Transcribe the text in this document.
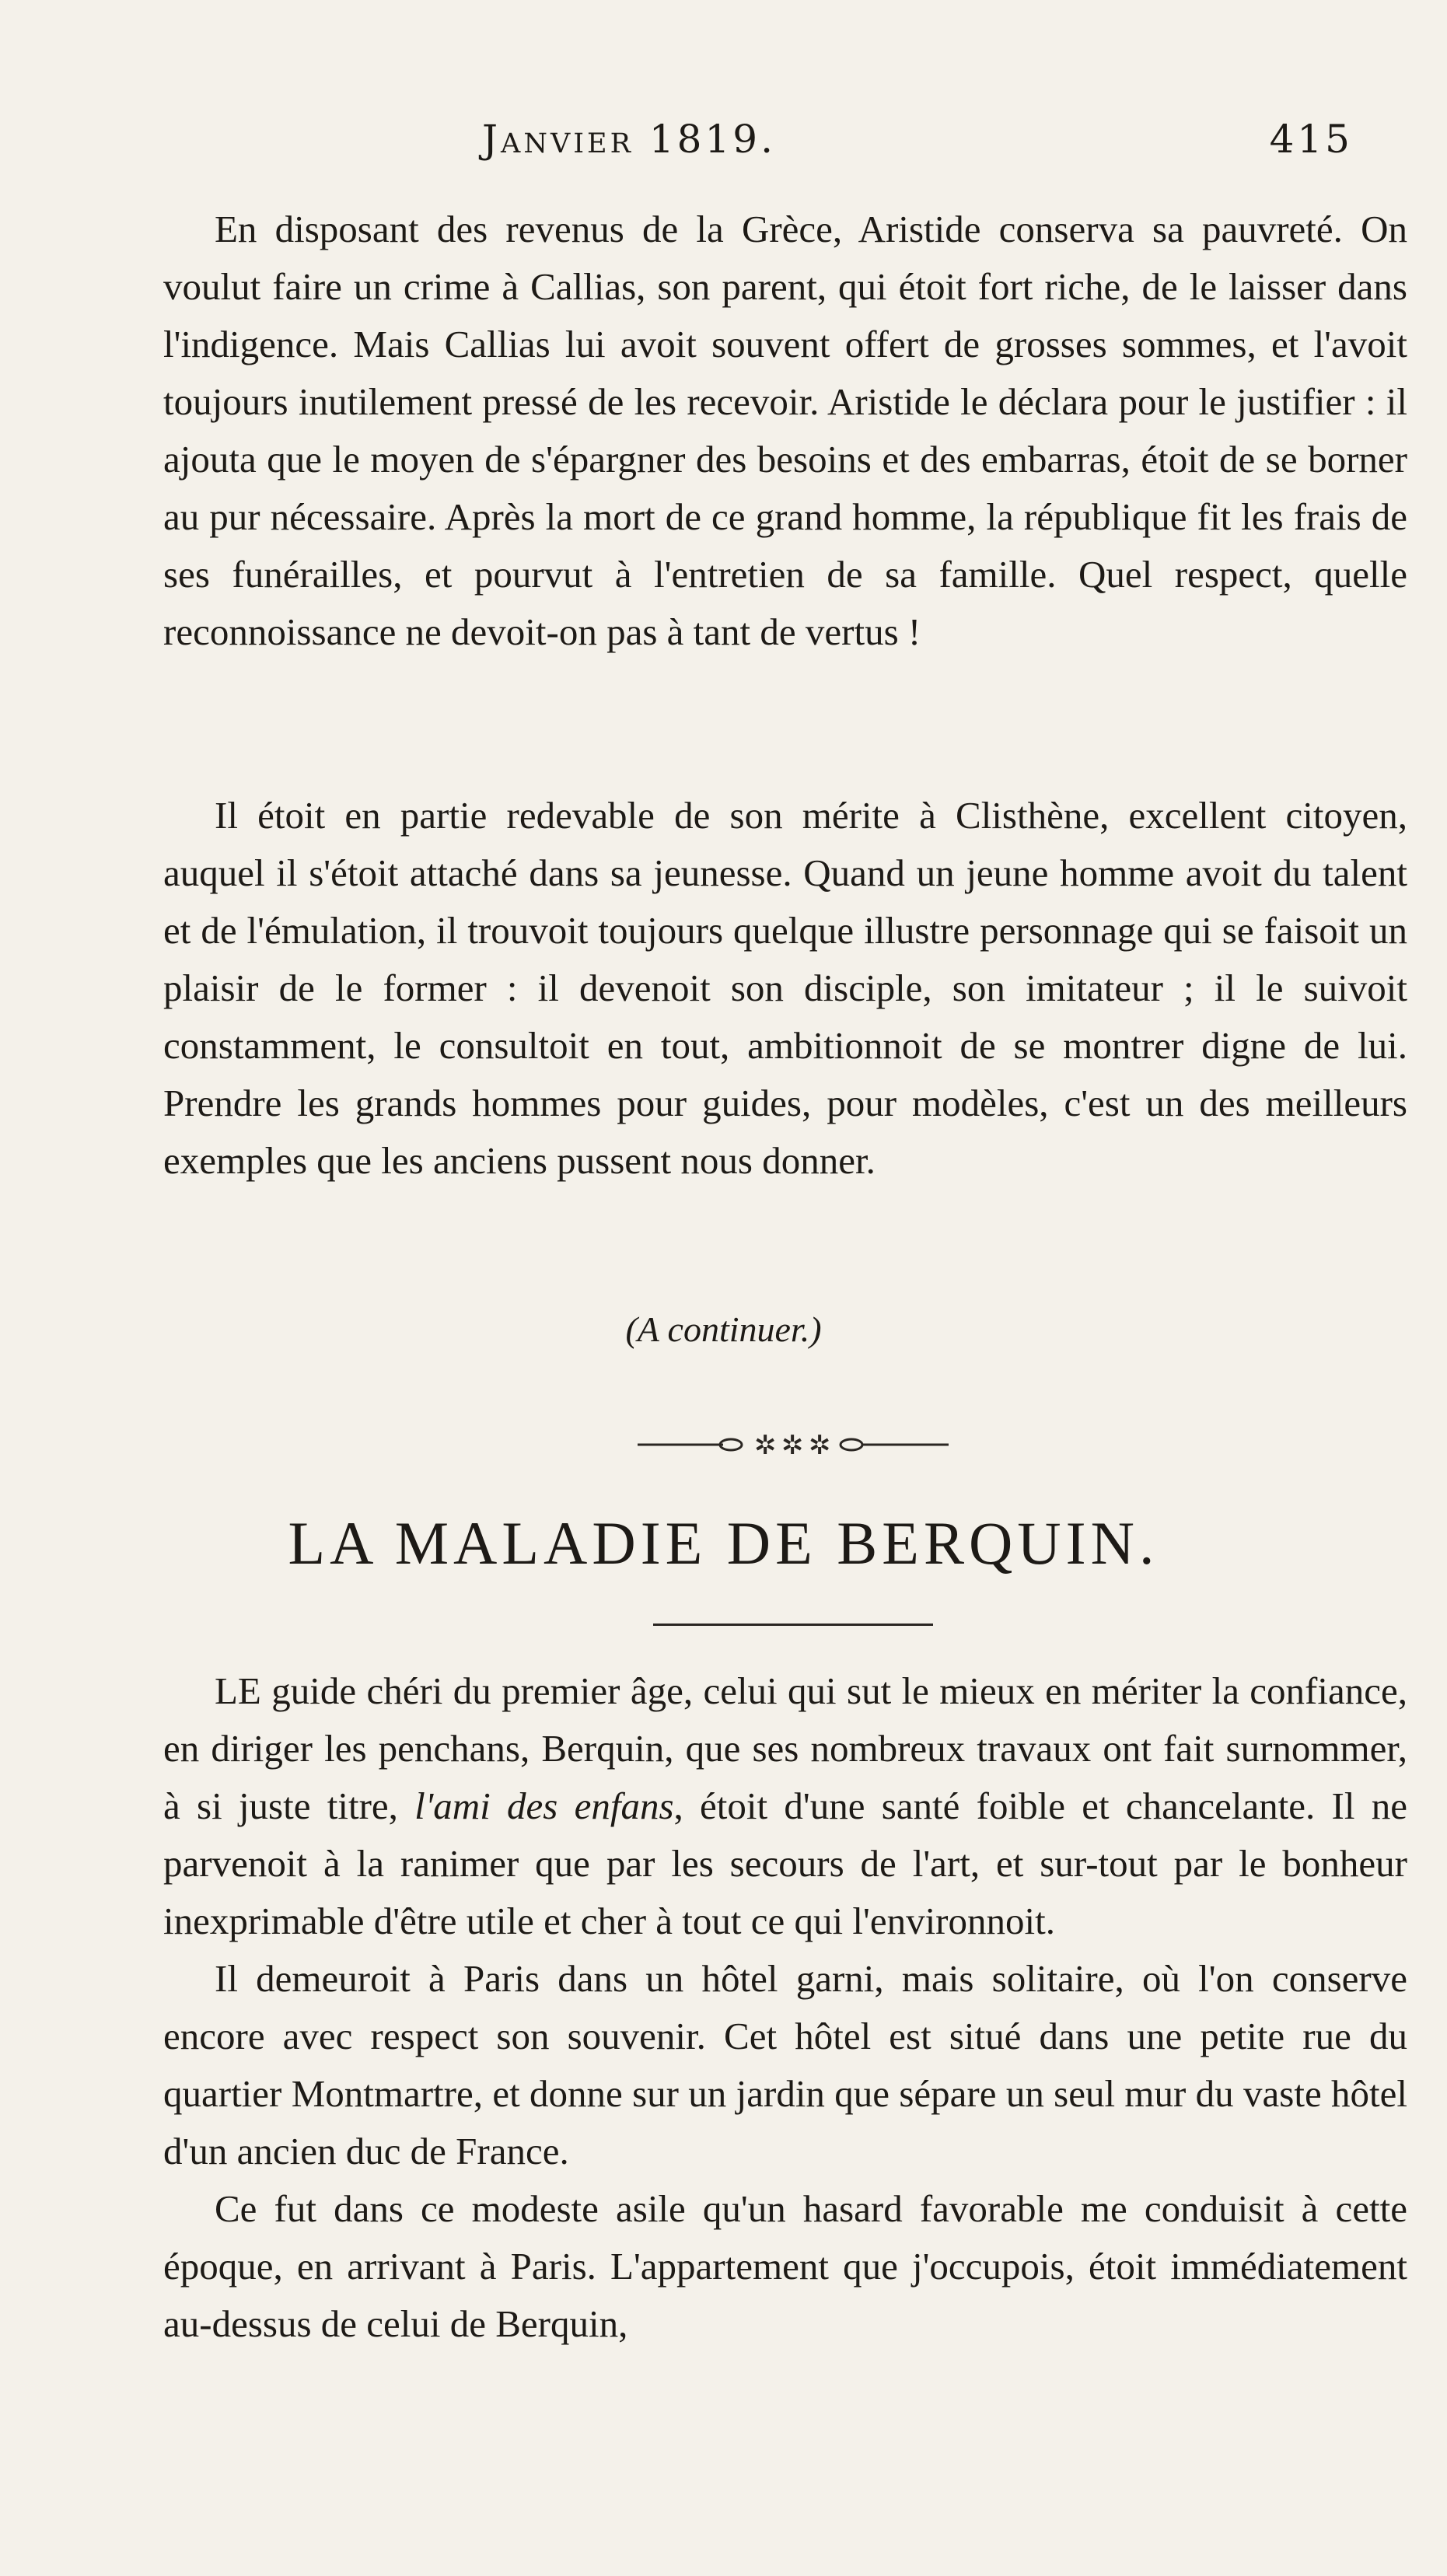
Janvier 1819.	415

En disposant des revenus de la Grèce, Aristide conserva sa pauvreté. On voulut faire un crime à Callias, son parent, qui étoit fort riche, de le laisser dans l'indigence. Mais Callias lui avoit souvent offert de grosses sommes, et l'avoit toujours inutilement pressé de les recevoir. Aristide le déclara pour le justifier : il ajouta que le moyen de s'épargner des besoins et des embarras, étoit de se borner au pur nécessaire. Après la mort de ce grand homme, la république fit les frais de ses funérailles, et pourvut à l'entretien de sa famille. Quel respect, quelle reconnoissance ne devoit-on pas à tant de vertus !

Il étoit en partie redevable de son mérite à Clisthène, excellent citoyen, auquel il s'étoit attaché dans sa jeunesse. Quand un jeune homme avoit du talent et de l'émulation, il trouvoit toujours quelque illustre personnage qui se faisoit un plaisir de le former : il devenoit son disciple, son imitateur ; il le suivoit constamment, le consultoit en tout, ambitionnoit de se montrer digne de lui. Prendre les grands hommes pour guides, pour modèles, c'est un des meilleurs exemples que les anciens pussent nous donner.

(A continuer.)
✲ ✲ ✲
LA MALADIE DE BERQUIN.

LE guide chéri du premier âge, celui qui sut le mieux en mériter la confiance, en diriger les penchans, Berquin, que ses nombreux travaux ont fait surnommer, à si juste titre, l'ami des enfans, étoit d'une santé foible et chancelante. Il ne parvenoit à la ranimer que par les secours de l'art, et sur-tout par le bonheur inexprimable d'être utile et cher à tout ce qui l'environnoit.

Il demeuroit à Paris dans un hôtel garni, mais solitaire, où l'on conserve encore avec respect son souvenir. Cet hôtel est situé dans une petite rue du quartier Montmartre, et donne sur un jardin que sépare un seul mur du vaste hôtel d'un ancien duc de France.

Ce fut dans ce modeste asile qu'un hasard favorable me conduisit à cette époque, en arrivant à Paris. L'appartement que j'occupois, étoit immédiatement au-dessus de celui de Berquin,
